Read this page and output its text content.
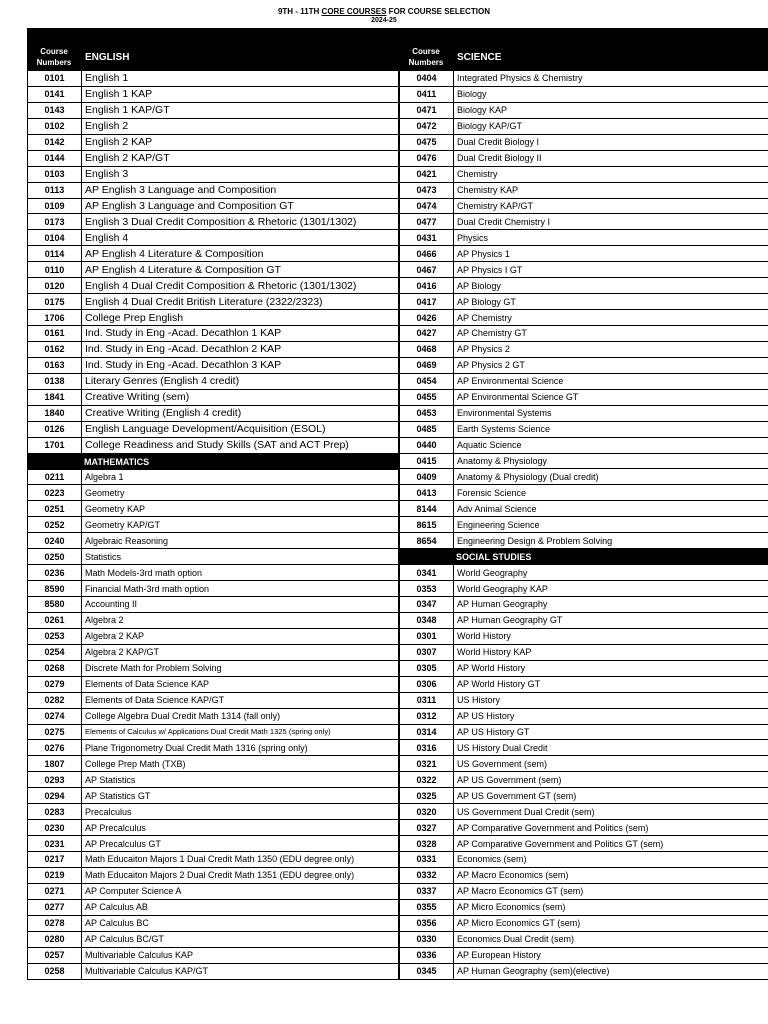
9TH - 11TH CORE COURSES FOR COURSE SELECTION
2024-25
Course Numbers	ENGLISH
0101	English 1
0141	English 1 KAP
0143	English 1 KAP/GT
0102	English 2
0142	English 2 KAP
0144	English 2 KAP/GT
0103	English 3
0113	AP English 3 Language and Composition
0109	AP English 3 Language and Composition GT
0173	English 3 Dual Credit Composition & Rhetoric (1301/1302)
0104	English 4
0114	AP English 4 Literature & Composition
0110	AP English 4 Literature & Composition GT
0120	English 4 Dual Credit Composition & Rhetoric (1301/1302)
0175	English 4 Dual Credit British Literature (2322/2323)
1706	College Prep English
0161	Ind. Study in Eng -Acad. Decathlon 1 KAP
0162	Ind. Study in Eng -Acad. Decathlon 2 KAP
0163	Ind. Study in Eng -Acad. Decathlon 3 KAP
0138	Literary Genres (English 4 credit)
1841	Creative Writing (sem)
1840	Creative Writing (English 4 credit)
0126	English Language Development/Acquisition (ESOL)
1701	College Readiness and Study Skills (SAT and ACT Prep)
MATHEMATICS
0211	Algebra 1
0223	Geometry
0251	Geometry KAP
0252	Geometry KAP/GT
0240	Algebraic Reasoning
0250	Statistics
0236	Math Models-3rd math option
8590	Financial Math-3rd math option
8580	Accounting II
0261	Algebra 2
0253	Algebra 2 KAP
0254	Algebra 2 KAP/GT
0268	Discrete Math for Problem Solving
0279	Elements of Data Science KAP
0282	Elements of Data Science KAP/GT
0274	College Algebra Dual Credit Math 1314 (fall only)
0275	Elements of Calculus w/ Applications Dual Credit Math 1325 (spring only)
0276	Plane Trigonometry Dual Credit Math 1316 (spring only)
1807	College Prep Math (TXB)
0293	AP Statistics
0294	AP Statistics GT
0283	Precalculus
0230	AP Precalculus
0231	AP Precalculus GT
0217	Math Educaiton Majors 1 Dual Credit Math 1350 (EDU degree only)
0219	Math Educaiton Majors 2 Dual Credit Math 1351 (EDU degree only)
0271	AP Computer Science A
0277	AP Calculus AB
0278	AP Calculus BC
0280	AP Calculus BC/GT
0257	Multivariable Calculus KAP
0258	Multivariable Calculus KAP/GT
Course Numbers	SCIENCE
0404	Integrated Physics & Chemistry
0411	Biology
0471	Biology KAP
0472	Biology KAP/GT
0475	Dual Credit Biology I
0476	Dual Credit Biology II
0421	Chemistry
0473	Chemistry KAP
0474	Chemistry KAP/GT
0477	Dual Credit Chemistry I
0431	Physics
0466	AP Physics 1
0467	AP Physics I GT
0416	AP Biology
0417	AP Biology GT
0426	AP Chemistry
0427	AP Chemistry GT
0468	AP Physics 2
0469	AP Physics 2 GT
0454	AP Environmental Science
0455	AP Environmental Science GT
0453	Environmental Systems
0485	Earth Systems Science
0440	Aquatic Science
0415	Anatomy & Physiology
0409	Anatomy & Physiology (Dual credit)
0413	Forensic Science
8144	Adv Animal Science
8615	Engineering Science
8654	Engineering Design & Problem Solving
SOCIAL STUDIES
0341	World Geography
0353	World Geography KAP
0347	AP Human Geography
0348	AP Human Geography GT
0301	World History
0307	World History KAP
0305	AP World History
0306	AP World History GT
0311	US History
0312	AP US History
0314	AP US History GT
0316	US History Dual Credit
0321	US Government (sem)
0322	AP US Government (sem)
0325	AP US Government GT (sem)
0320	US Government Dual Credit (sem)
0327	AP Comparative Government and Politics (sem)
0328	AP Comparative Government and Politics GT (sem)
0331	Economics (sem)
0332	AP Macro Economics (sem)
0337	AP Macro Economics GT (sem)
0355	AP Micro Economics (sem)
0356	AP Micro Economics GT (sem)
0330	Economics Dual Credit (sem)
0336	AP European History
0345	AP Human Geography (sem)(elective)
